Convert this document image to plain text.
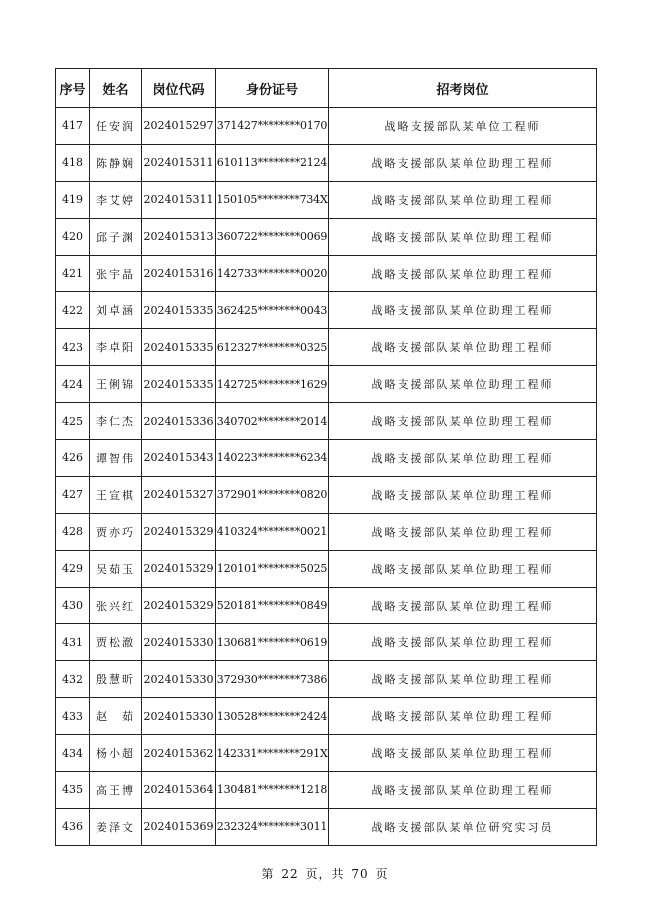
序号	姓名	岗位代码	身份证号	招考岗位
417	任安润	2024015297	371427********0170	战略支援部队某单位工程师
418	陈静娴	2024015311	610113********2124	战略支援部队某单位助理工程师
419	李艾婷	2024015311	150105********734X	战略支援部队某单位助理工程师
420	邱子渊	2024015313	360722********0069	战略支援部队某单位助理工程师
421	张宇晶	2024015316	142733********0020	战略支援部队某单位助理工程师
422	刘卓涵	2024015335	362425********0043	战略支援部队某单位助理工程师
423	李卓阳	2024015335	612327********0325	战略支援部队某单位助理工程师
424	王俐锦	2024015335	142725********1629	战略支援部队某单位助理工程师
425	李仁杰	2024015336	340702********2014	战略支援部队某单位助理工程师
426	谭智伟	2024015343	140223********6234	战略支援部队某单位助理工程师
427	王宣棋	2024015327	372901********0820	战略支援部队某单位助理工程师
428	贾亦巧	2024015329	410324********0021	战略支援部队某单位助理工程师
429	吴茹玉	2024015329	120101********5025	战略支援部队某单位助理工程师
430	张兴红	2024015329	520181********0849	战略支援部队某单位助理工程师
431	贾松澈	2024015330	130681********0619	战略支援部队某单位助理工程师
432	殷慧昕	2024015330	372930********7386	战略支援部队某单位助理工程师
433	赵　茹	2024015330	130528********2424	战略支援部队某单位助理工程师
434	杨小超	2024015362	142331********291X	战略支援部队某单位助理工程师
435	高王博	2024015364	130481********1218	战略支援部队某单位助理工程师
436	姜泽文	2024015369	232324********3011	战略支援部队某单位研究实习员
第 22 页，共 70 页
